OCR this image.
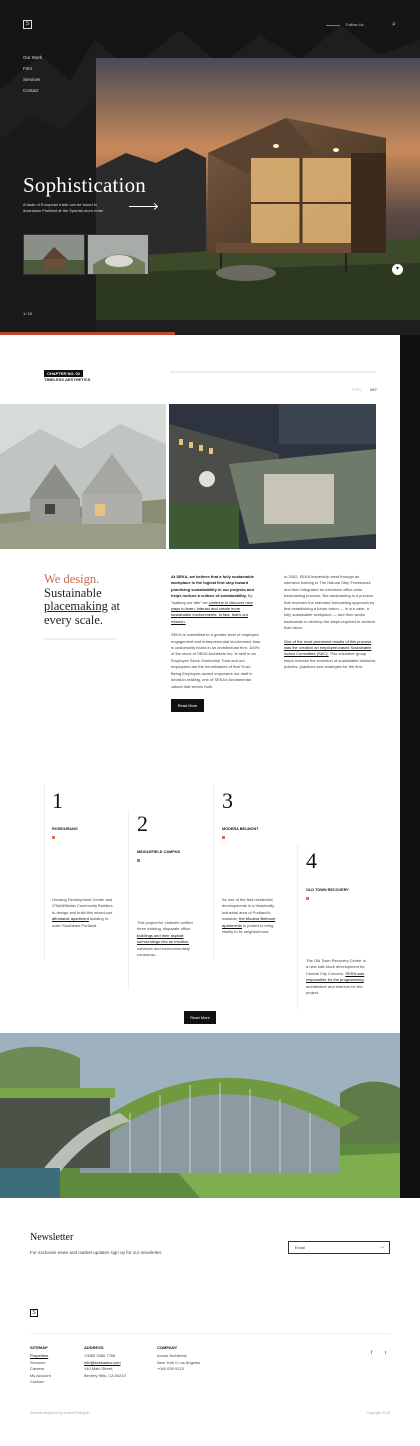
S	Follow Us	⌕
Our Work
Firm
Services
Contact
Sophistication
A taste of European trade can be found in downtown Portland at the Spanish-born hotel
1/ 18
▾
CHAPTER NO. 02
TIMELESS AESTHETICS
PREV NXT
We design.
Sustainable
placemaking at
every scale.
At SEKA, we believe that a fully sustainable workplace is the logical first step toward practicing sustainability in our projects and helps nurture a culture of sustainability. By "walking our talk" we continue to discover new ways to learn, interact and create more sustainable environments. In fact, that's our mission.
SEKA is committed to a greater level of employee engagement and entrepreneurial involvement than is customarily found in an architectural firm. 100% of the stock of SEKA Architects Inc. is held in an Employee Stock Ownership Trust and our employees are the beneficiaries of that Trust. Being Employee-owned empowers our staff in decision-making, one of SEKA's fundamental values that serves both.
In 2002, SEKA leadership went through an intensive training in The Natural Step Framework and then integrated an extensive office-wide backcasting process. But backcasting is a process that reverses the standard forecasting approach by first establishing a future vision — in our case, a fully sustainable workplace — and then works backwards to develop the steps required to achieve that vision.
One of the most prominent results of this process was the creation an employee-based Sustainable Action Committee (SAC). This volunteer group helps oversee the evolution of sustainable business policies, practices and strategies for the firm.
Read More
1
ROSE/URANO
Housing Development Center and O'Neill/Walsh Community Builders to design and build this mixed-use affordable apartment building in outer Southeast Portland.
2
MIDDLEFIELD CAMPUS
This project for LinkedIn unified three existing, disparate office buildings and their asphalt surroundings into an intuitive, cohesive and environmentally conscious...
3
MODERA BELMONT
As one of the first residential developments in a historically industrial area of Portland's eastside, the Modera Belmont apartments is poised to bring vitality to its neighborhood.
4
OLD TOWN RECOVERY
The Old Town Recovery Center is a new half-block development for Central City Concern. SERA was responsible for the programming architecture and interiors for the project.
Read More
Newsletter
For exclusive news and market updates sign up for our newsletter.
Email	→
S
SITEMAP
Properties
Services
Careers
My Account
Contact
ADDRESS
+0085 3456 7788
info@seekadeu.com
140 Main Street,
Beverly Hills, CA 90210
COMPANY
Acone Architects
New York // Los Angeles
+040 039 9123
f	t
Website designed by Andrew Polyguin	Copyright 2018
